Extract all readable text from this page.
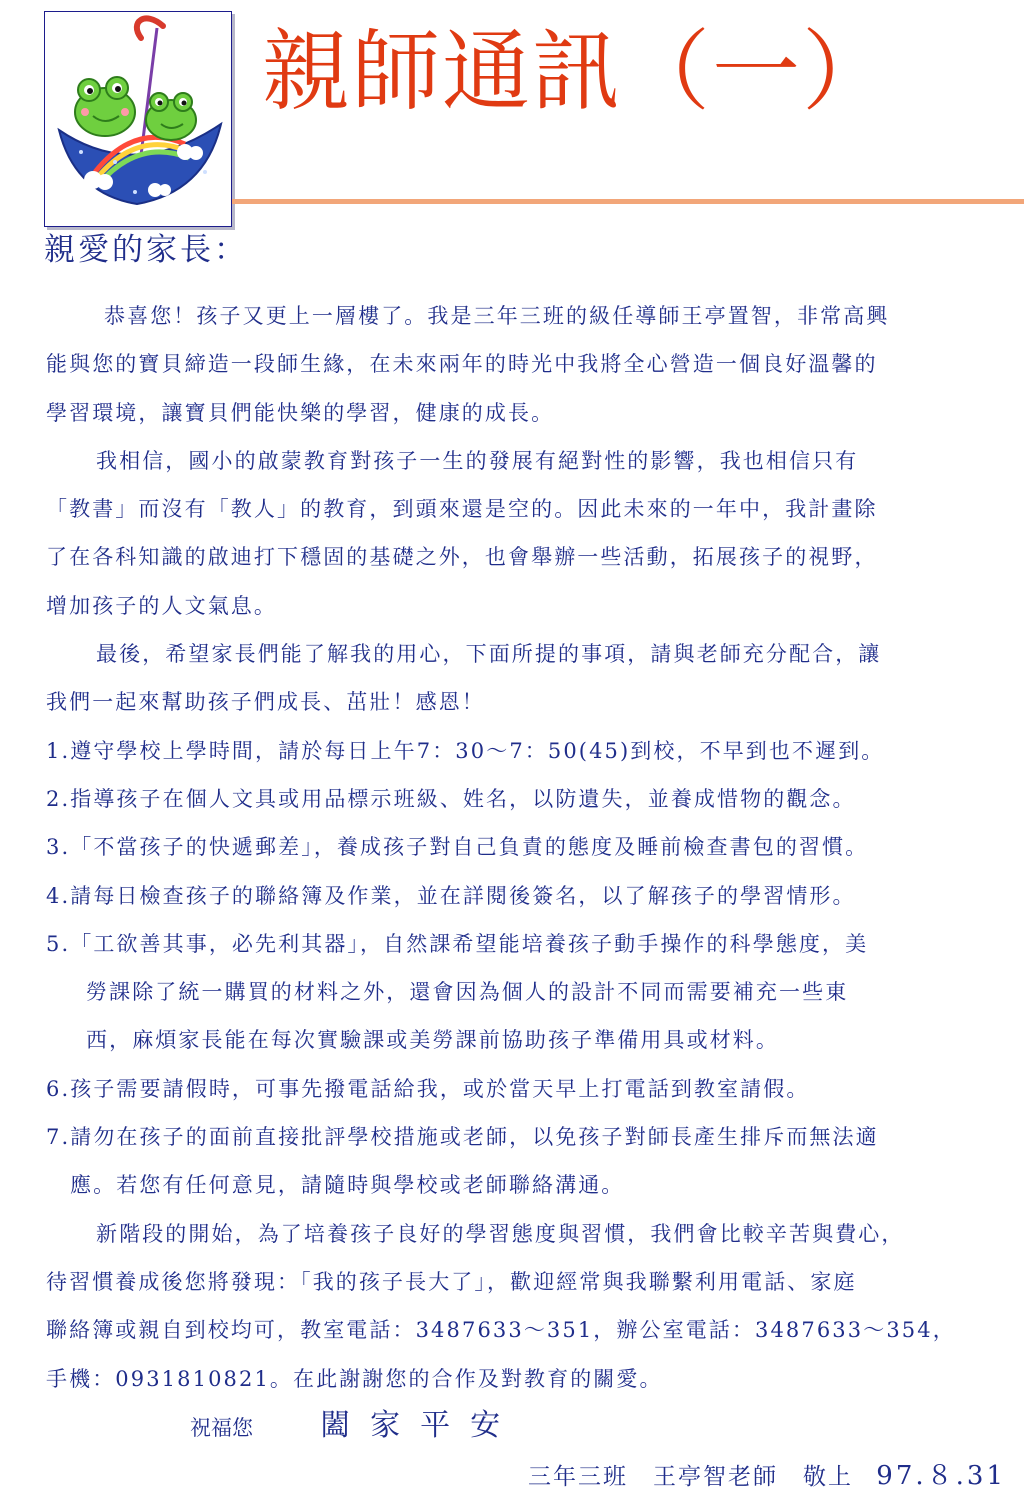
親師通訊（一）
親愛的家長：
恭喜您！孩子又更上一層樓了。我是三年三班的級任導師王亭置智，非常高興
能與您的寶貝締造一段師生緣，在未來兩年的時光中我將全心營造一個良好溫馨的
學習環境，讓寶貝們能快樂的學習，健康的成長。
我相信，國小的啟蒙教育對孩子一生的發展有絕對性的影響，我也相信只有
「教書」而沒有「教人」的教育，到頭來還是空的。因此未來的一年中，我計畫除
了在各科知識的啟迪打下穩固的基礎之外，也會舉辦一些活動，拓展孩子的視野，
增加孩子的人文氣息。
最後，希望家長們能了解我的用心，下面所提的事項，請與老師充分配合，讓
我們一起來幫助孩子們成長、茁壯！感恩！
1.遵守學校上學時間，請於每日上午7：30～7：50(45)到校，不早到也不遲到。
2.指導孩子在個人文具或用品標示班級、姓名，以防遺失，並養成惜物的觀念。
3.「不當孩子的快遞郵差」，養成孩子對自己負責的態度及睡前檢查書包的習慣。
4.請每日檢查孩子的聯絡簿及作業，並在詳閱後簽名，以了解孩子的學習情形。
5.「工欲善其事，必先利其器」，自然課希望能培養孩子動手操作的科學態度，美
勞課除了統一購買的材料之外，還會因為個人的設計不同而需要補充一些東
西，麻煩家長能在每次實驗課或美勞課前協助孩子準備用具或材料。
6.孩子需要請假時，可事先撥電話給我，或於當天早上打電話到教室請假。
7.請勿在孩子的面前直接批評學校措施或老師，以免孩子對師長產生排斥而無法適
應。若您有任何意見，請隨時與學校或老師聯絡溝通。
新階段的開始，為了培養孩子良好的學習態度與習慣，我們會比較辛苦與費心，
待習慣養成後您將發現：「我的孩子長大了」，歡迎經常與我聯繫利用電話、家庭
聯絡簿或親自到校均可，教室電話：3487633～351，辦公室電話：3487633～354，
手機：0931810821。在此謝謝您的合作及對教育的關愛。
祝福您 闔家平安
三年三班　王亭智老師　敬上 97.８.31
